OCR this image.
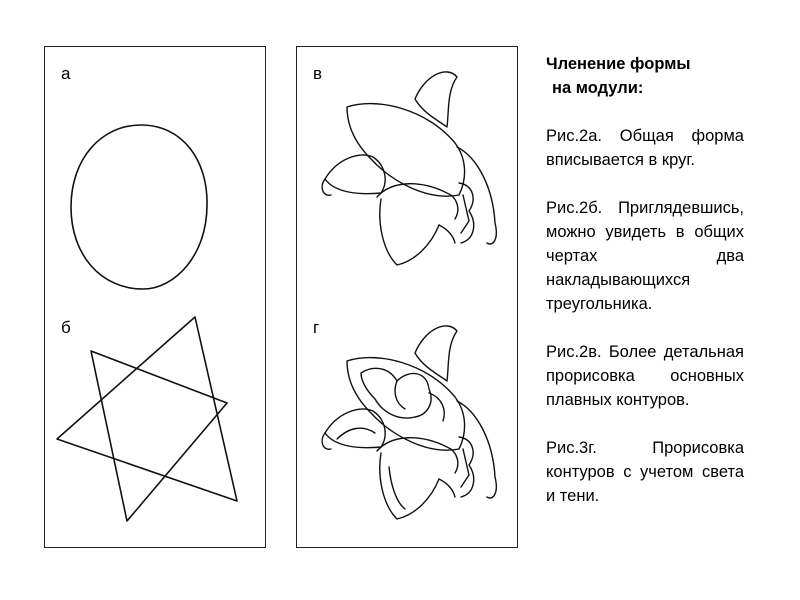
а
б
в
г

Членение формы
на модули:

Рис.2а. Общая форма вписывается в круг.

Рис.2б. Приглядевшись, можно увидеть в общих чертах два накладывающихся треугольника.

Рис.2в. Более детальная прорисовка основных плавных контуров.

Рис.3г. Прорисовка контуров с учетом света и тени.
